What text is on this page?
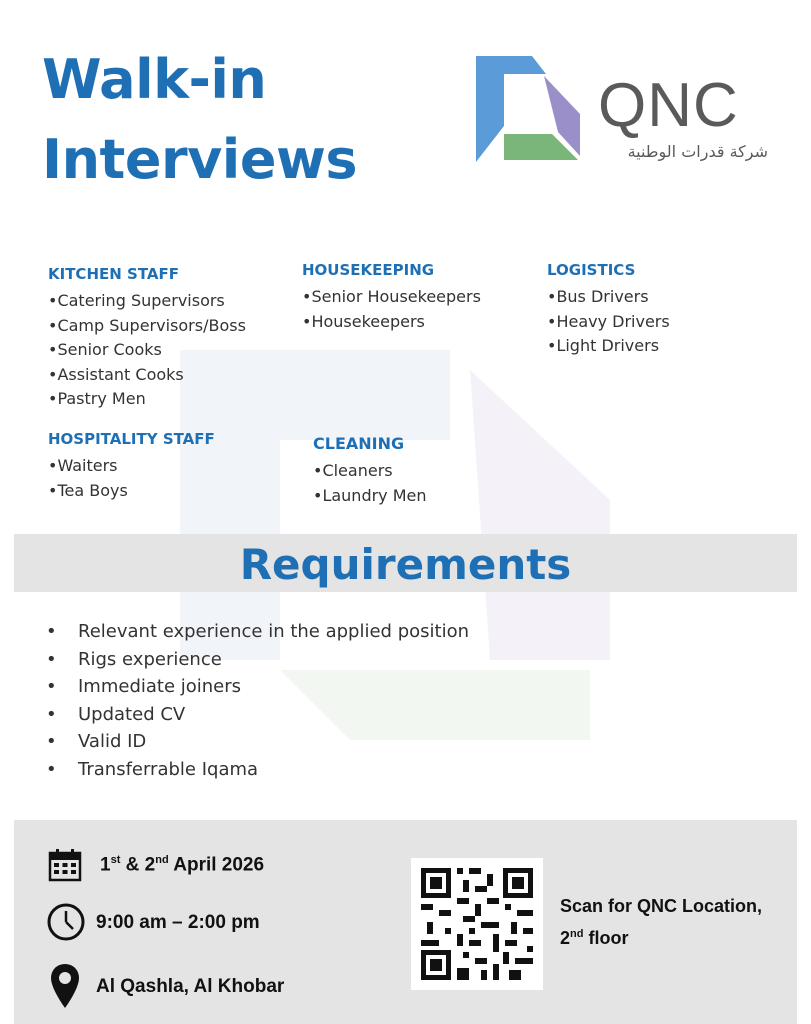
Walk-in
Interviews
QNC
شركة قدرات الوطنية
KITCHEN STAFF
•Catering Supervisors
•Camp Supervisors/Boss
•Senior Cooks
•Assistant Cooks
•Pastry Men
HOUSEKEEPING
•Senior Housekeepers
•Housekeepers
LOGISTICS
•Bus Drivers
•Heavy Drivers
•Light Drivers
HOSPITALITY STAFF
•Waiters
•Tea Boys
CLEANING
•Cleaners
•Laundry Men
Requirements
• Relevant experience in the applied position
• Rigs experience
• Immediate joiners
• Updated CV
• Valid ID
• Transferrable Iqama
1st & 2nd April 2026
9:00 am – 2:00 pm
Al Qashla, Al Khobar
Scan for QNC Location,
2nd floor
